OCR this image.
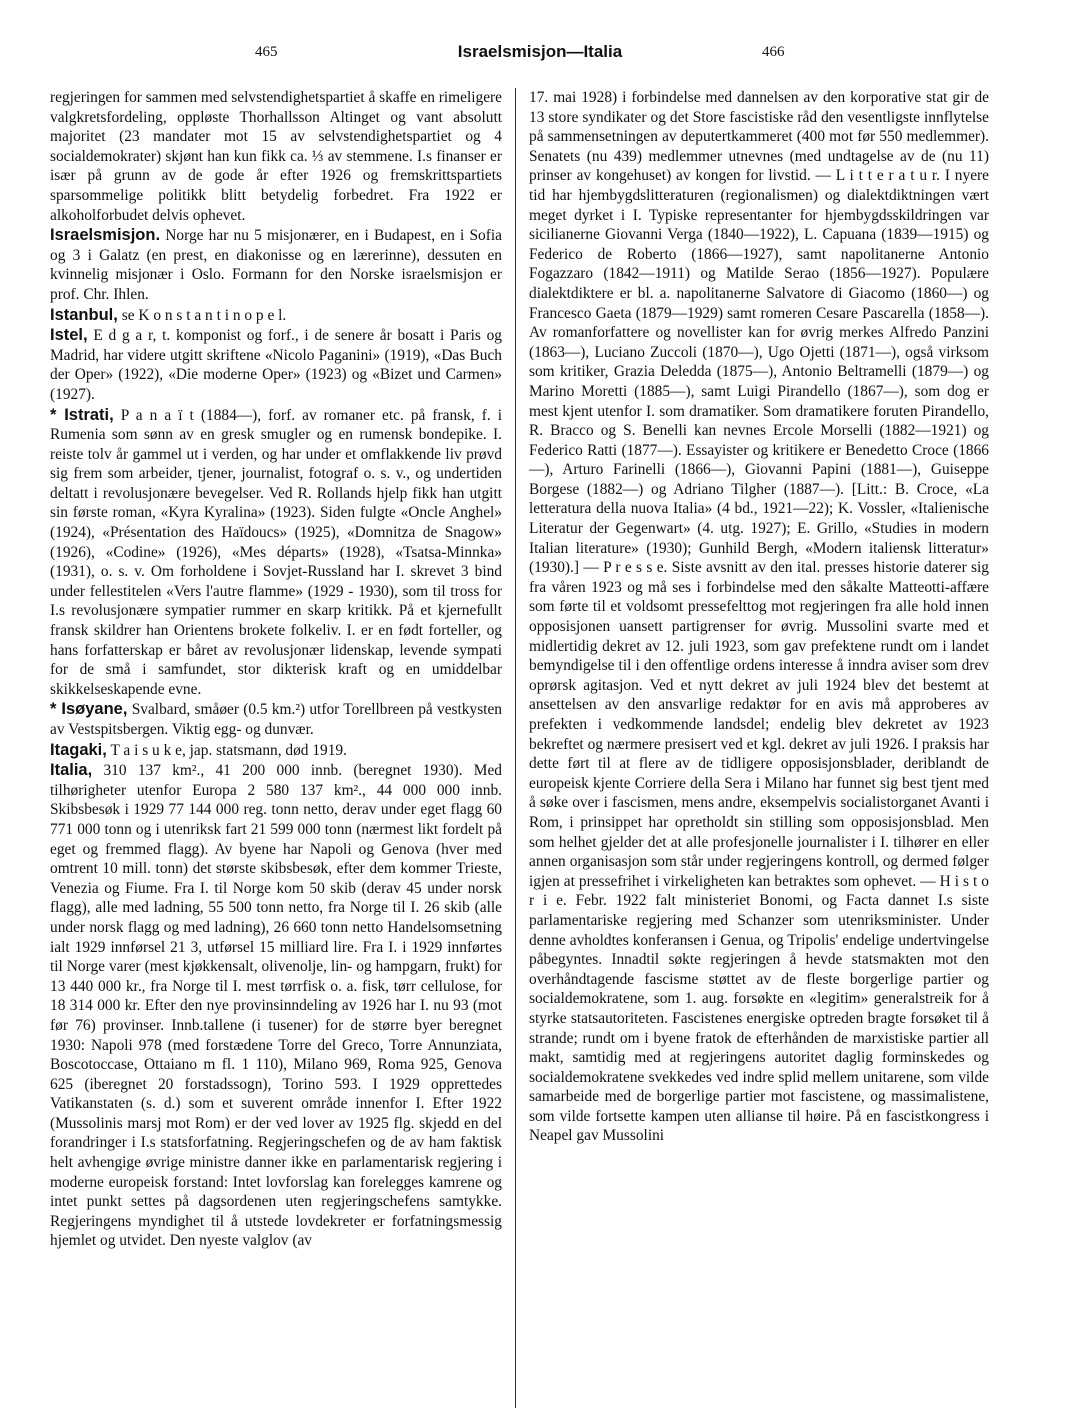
465	Israelsmisjon—Italia	466

regjeringen for sammen med selvstendighetspartiet å skaffe en rimeligere valgkretsfordeling, oppløste Thorhallsson Altinget og vant absolutt majoritet (23 mandater mot 15 av selvstendighetspartiet og 4 socialdemokrater) skjønt han kun fikk ca. ⅓ av stemmene. I.s finanser er især på grunn av de gode år efter 1926 og fremskrittspartiets sparsommelige politikk blitt betydelig forbedret. Fra 1922 er alkoholforbudet delvis ophevet.

Israelsmisjon. Norge har nu 5 misjonærer, en i Budapest, en i Sofia og 3 i Galatz (en prest, en diakonisse og en lærerinne), dessuten en kvinnelig misjonær i Oslo. Formann for den Norske israelsmisjon er prof. Chr. Ihlen.

Istanbul, se K o n s t a n t i n o p e l.

Istel, E d g a r, t. komponist og forf., i de senere år bosatt i Paris og Madrid, har videre utgitt skriftene «Nicolo Paganini» (1919), «Das Buch der Oper» (1922), «Die moderne Oper» (1923) og «Bizet und Carmen» (1927).

* Istrati, P a n a ï t (1884—), forf. av romaner etc. på fransk, f. i Rumenia som sønn av en gresk smugler og en rumensk bondepike. I. reiste tolv år gammel ut i verden, og har under et omflakkende liv prøvd sig frem som arbeider, tjener, journalist, fotograf o. s. v., og undertiden deltatt i revolusjonære bevegelser. Ved R. Rollands hjelp fikk han utgitt sin første roman, «Kyra Kyralina» (1923). Siden fulgte «Oncle Anghel» (1924), «Présentation des Haïdoucs» (1925), «Domnitza de Snagow» (1926), «Codine» (1926), «Mes départs» (1928), «Tsatsa-Minnka» (1931), o. s. v. Om forholdene i Sovjet-Russland har I. skrevet 3 bind under fellestitelen «Vers l'autre flamme» (1929 - 1930), som til tross for I.s revolusjonære sympatier rummer en skarp kritikk. På et kjernefullt fransk skildrer han Orientens brokete folkeliv. I. er en født forteller, og hans forfatterskap er båret av revolusjonær lidenskap, levende sympati for de små i samfundet, stor dikterisk kraft og en umiddelbar skikkelseskapende evne.

* Isøyane, Svalbard, småøer (0.5 km.²) utfor Torellbreen på vestkysten av Vestspitsbergen. Viktig egg- og dunvær.

Itagaki, T a i s u k e, jap. statsmann, død 1919.

Italia, 310 137 km²., 41 200 000 innb. (beregnet 1930). Med tilhørigheter utenfor Europa 2 580 137 km²., 44 000 000 innb. Skibsbesøk i 1929 77 144 000 reg. tonn netto, derav under eget flagg 60 771 000 tonn og i utenriksk fart 21 599 000 tonn (nærmest likt fordelt på eget og fremmed flagg). Av byene har Napoli og Genova (hver med omtrent 10 mill. tonn) det største skibsbesøk, efter dem kommer Trieste, Venezia og Fiume. Fra I. til Norge kom 50 skib (derav 45 under norsk flagg), alle med ladning, 55 500 tonn netto, fra Norge til I. 26 skib (alle under norsk flagg og med ladning), 26 660 tonn netto Handelsomsetning ialt 1929 innførsel 21 3, utførsel 15 milliard lire. Fra I. i 1929 innførtes til Norge varer (mest kjøkkensalt, olivenolje, lin- og hampgarn, frukt) for 13 440 000 kr., fra Norge til I. mest tørrfisk o. a. fisk, tørr cellulose, for 18 314 000 kr. Efter den nye provinsinndeling av 1926 har I. nu 93 (mot før 76) provinser. Innb.tallene (i tusener) for de større byer beregnet 1930: Napoli 978 (med forstædene Torre del Greco, Torre Annunziata, Boscotoccase, Ottaiano m fl. 1 110), Milano 969, Roma 925, Genova 625 (iberegnet 20 forstadssogn), Torino 593. I 1929 opprettedes Vatikanstaten (s. d.) som et suverent område innenfor I. Efter 1922 (Mussolinis marsj mot Rom) er der ved lover av 1925 flg. skjedd en del forandringer i I.s statsforfatning. Regjeringschefen og de av ham faktisk helt avhengige øvrige ministre danner ikke en parlamentarisk regjering i moderne europeisk forstand: Intet lovforslag kan forelegges kamrene og intet punkt settes på dagsordenen uten regjeringschefens samtykke. Regjeringens myndighet til å utstede lovdekreter er forfatningsmessig hjemlet og utvidet. Den nyeste valglov (av

17. mai 1928) i forbindelse med dannelsen av den korporative stat gir de 13 store syndikater og det Store fascistiske råd den vesentligste innflytelse på sammensetningen av deputertkammeret (400 mot før 550 medlemmer). Senatets (nu 439) medlemmer utnevnes (med undtagelse av de (nu 11) prinser av kongehuset) av kongen for livstid. — L i t t e r a t u r. I nyere tid har hjembygdslitteraturen (regionalismen) og dialektdiktningen vært meget dyrket i I. Typiske representanter for hjembygdsskildringen var sicilianerne Giovanni Verga (1840—1922), L. Capuana (1839—1915) og Federico de Roberto (1866—1927), samt napolitanerne Antonio Fogazzaro (1842—1911) og Matilde Serao (1856—1927). Populære dialektdiktere er bl. a. napolitanerne Salvatore di Giacomo (1860—) og Francesco Gaeta (1879—1929) samt romeren Cesare Pascarella (1858—). Av romanforfattere og novellister kan for øvrig merkes Alfredo Panzini (1863—), Luciano Zuccoli (1870—), Ugo Ojetti (1871—), også virksom som kritiker, Grazia Deledda (1875—), Antonio Beltramelli (1879—) og Marino Moretti (1885—), samt Luigi Pirandello (1867—), som dog er mest kjent utenfor I. som dramatiker. Som dramatikere foruten Pirandello, R. Bracco og S. Benelli kan nevnes Ercole Morselli (1882—1921) og Federico Ratti (1877—). Essayister og kritikere er Benedetto Croce (1866—), Arturo Farinelli (1866—), Giovanni Papini (1881—), Guiseppe Borgese (1882—) og Adriano Tilgher (1887—). [Litt.: B. Croce, «La letteratura della nuova Italia» (4 bd., 1921—22); K. Vossler, «Italienische Literatur der Gegenwart» (4. utg. 1927); E. Grillo, «Studies in modern Italian literature» (1930); Gunhild Bergh, «Modern italiensk litteratur» (1930).] — P r e s s e. Siste avsnitt av den ital. presses historie daterer sig fra våren 1923 og må ses i forbindelse med den såkalte Matteotti-affære som førte til et voldsomt pressefelttog mot regjeringen fra alle hold innen opposisjonen uansett partigrenser for øvrig. Mussolini svarte med et midlertidig dekret av 12. juli 1923, som gav prefektene rundt om i landet bemyndigelse til i den offentlige ordens interesse å inndra aviser som drev oprørsk agitasjon. Ved et nytt dekret av juli 1924 blev det bestemt at ansettelsen av den ansvarlige redaktør for en avis må approberes av prefekten i vedkommende landsdel; endelig blev dekretet av 1923 bekreftet og nærmere presisert ved et kgl. dekret av juli 1926. I praksis har dette ført til at flere av de tidligere opposisjonsblader, deriblandt de europeisk kjente Corriere della Sera i Milano har funnet sig best tjent med å søke over i fascismen, mens andre, eksempelvis socialistorganet Avanti i Rom, i prinsippet har opretholdt sin stilling som opposisjonsblad. Men som helhet gjelder det at alle profesjonelle journalister i I. tilhører en eller annen organisasjon som står under regjeringens kontroll, og dermed følger igjen at pressefrihet i virkeligheten kan betraktes som ophevet. — H i s t o r i e. Febr. 1922 falt ministeriet Bonomi, og Facta dannet I.s siste parlamentariske regjering med Schanzer som utenriksminister. Under denne avholdtes konferansen i Genua, og Tripolis' endelige undertvingelse påbegyntes. Innadtil søkte regjeringen å hevde statsmakten mot den overhåndtagende fascisme støttet av de fleste borgerlige partier og socialdemokratene, som 1. aug. forsøkte en «legitim» generalstreik for å styrke statsautoriteten. Fascistenes energiske optreden bragte forsøket til å strande; rundt om i byene fratok de efterhånden de marxistiske partier all makt, samtidig med at regjeringens autoritet daglig forminskedes og socialdemokratene svekkedes ved indre splid mellem unitarene, som vilde samarbeide med de borgerlige partier mot fascistene, og massimalistene, som vilde fortsette kampen uten allianse til høire. På en fascistkongress i Neapel gav Mussolini
